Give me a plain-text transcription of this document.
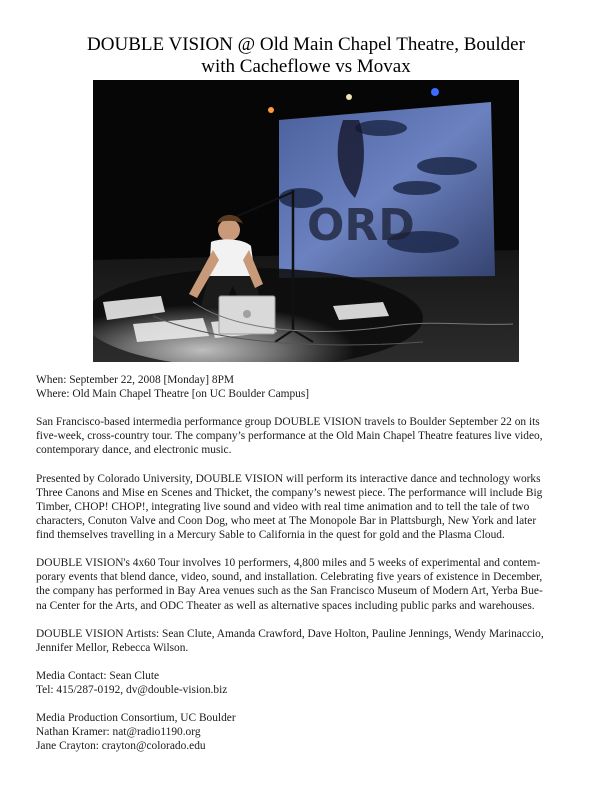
DOUBLE VISION @ Old Main Chapel Theatre, Boulder
with Cacheflowe vs Movax
ORD

When: September 22, 2008 [Monday] 8PM
Where: Old Main Chapel Theatre [on UC Boulder Campus]

San Francisco-based intermedia performance group DOUBLE VISION travels to Boulder September 22 on its
five-week, cross-country tour. The company’s performance at the Old Main Chapel Theatre features live video,
contemporary dance, and electronic music.

Presented by Colorado University, DOUBLE VISION will perform its interactive dance and technology works
Three Canons and Mise en Scenes and Thicket, the company’s newest piece. The performance will include Big
Timber, CHOP! CHOP!, integrating live sound and video with real time animation and to tell the tale of two
characters, Conuton Valve and Coon Dog, who meet at The Monopole Bar in Plattsburgh, New York and later
find themselves travelling in a Mercury Sable to California in the quest for gold and the Plasma Cloud.

DOUBLE VISION's 4x60 Tour involves 10 performers, 4,800 miles and 5 weeks of experimental and contem-
porary events that blend dance, video, sound, and installation. Celebrating five years of existence in December,
the company has performed in Bay Area venues such as the San Francisco Museum of Modern Art, Yerba Bue-
na Center for the Arts, and ODC Theater as well as alternative spaces including public parks and warehouses.

DOUBLE VISION Artists: Sean Clute, Amanda Crawford, Dave Holton, Pauline Jennings, Wendy Marinaccio,
Jennifer Mellor, Rebecca Wilson.

Media Contact: Sean Clute
Tel: 415/287-0192, dv@double-vision.biz

Media Production Consortium, UC Boulder
Nathan Kramer: nat@radio1190.org
Jane Crayton: crayton@colorado.edu
